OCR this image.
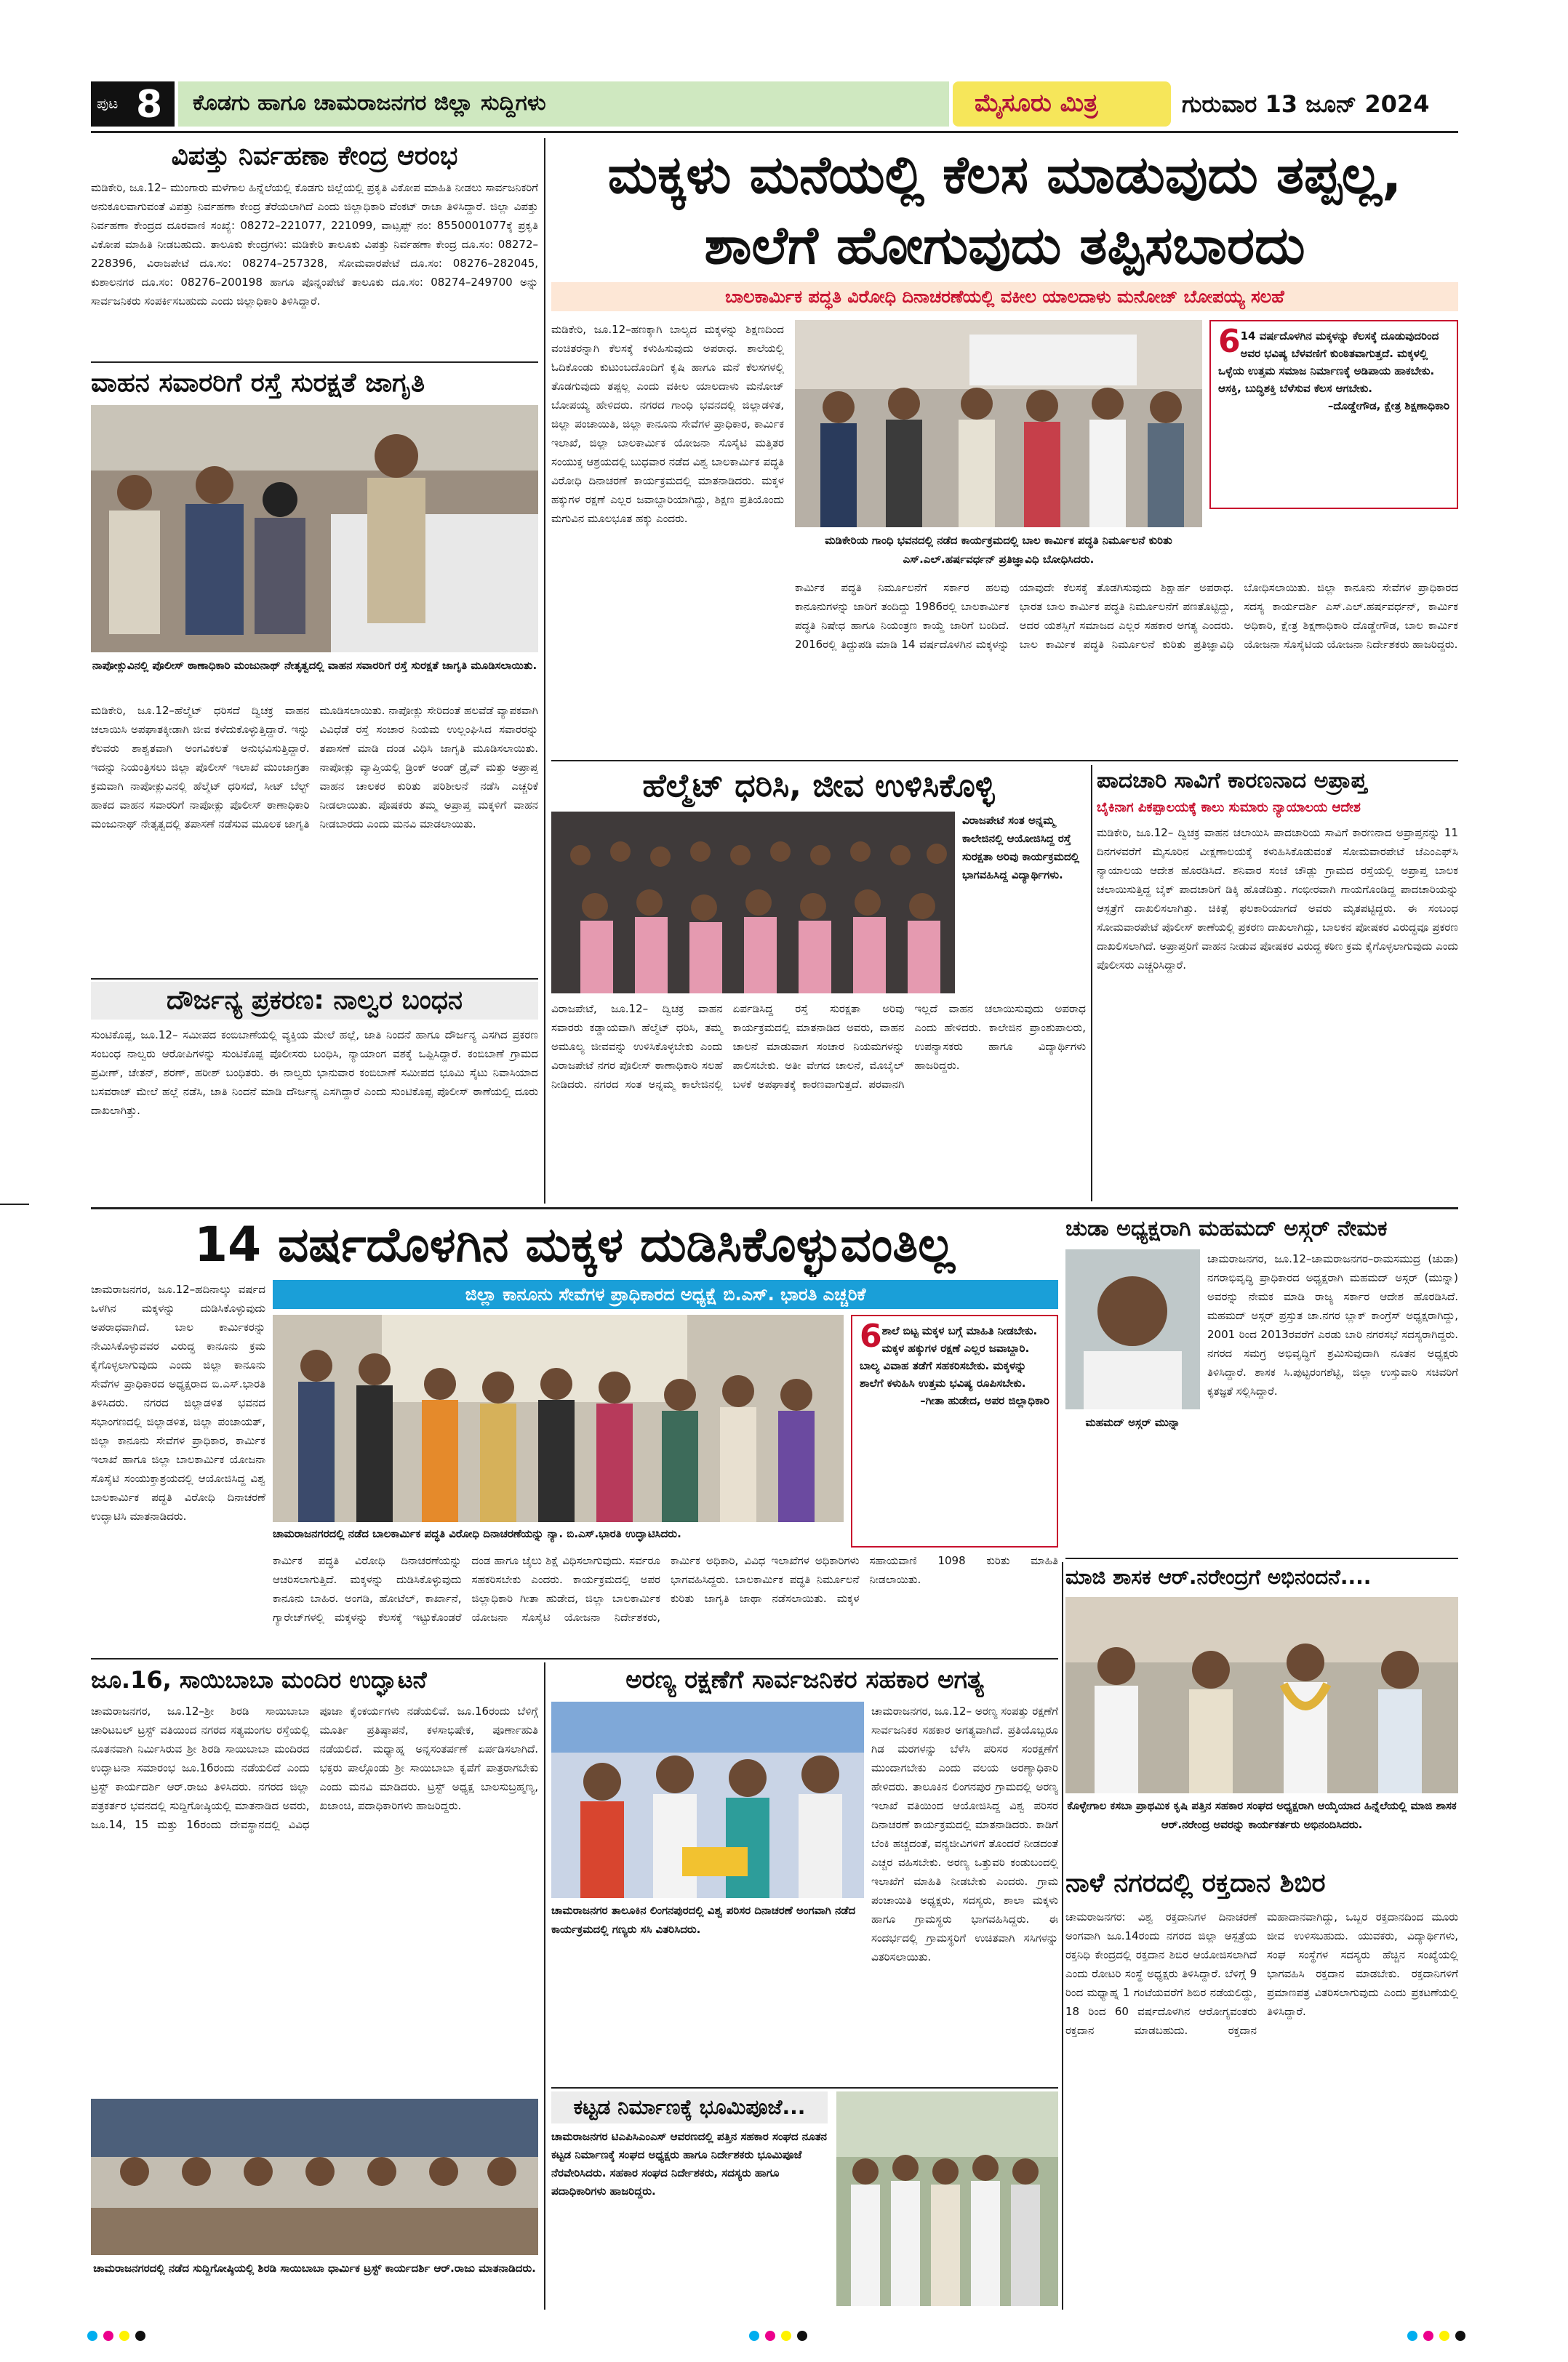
ಪುಟ 8 ಕೊಡಗು ಹಾಗೂ ಚಾಮರಾಜನಗರ ಜಿಲ್ಲಾ ಸುದ್ದಿಗಳು	ಮೈಸೂರು ಮಿತ್ರ	ಗುರುವಾರ 13 ಜೂನ್ 2024
ವಿಪತ್ತು ನಿರ್ವಹಣಾ ಕೇಂದ್ರ ಆರಂಭ
ಮಡಿಕೇರಿ, ಜೂ.12– ಮುಂಗಾರು ಮಳೆಗಾಲ ಹಿನ್ನೆಲೆಯಲ್ಲಿ ಕೊಡಗು ಜಿಲ್ಲೆಯಲ್ಲಿ ಪ್ರಕೃತಿ ವಿಕೋಪ ಮಾಹಿತಿ ನೀಡಲು ಸಾರ್ವಜನಿಕರಿಗೆ ಅನುಕೂಲವಾಗುವಂತೆ ವಿಪತ್ತು ನಿರ್ವಹಣಾ ಕೇಂದ್ರ ತೆರೆಯಲಾಗಿದೆ ಎಂದು ಜಿಲ್ಲಾಧಿಕಾರಿ ವೆಂಕಟ್ ರಾಜಾ ತಿಳಿಸಿದ್ದಾರೆ. ಜಿಲ್ಲಾ ವಿಪತ್ತು ನಿರ್ವಹಣಾ ಕೇಂದ್ರದ ದೂರವಾಣಿ ಸಂಖ್ಯೆ: 08272–221077, 221099, ವಾಟ್ಸಪ್ಪ್ ನಂ: 8550001077ಕ್ಕೆ ಪ್ರಕೃತಿ ವಿಕೋಪ ಮಾಹಿತಿ ನೀಡಬಹುದು. ತಾಲೂಕು ಕೇಂದ್ರಗಳು: ಮಡಿಕೇರಿ ತಾಲೂಕು ವಿಪತ್ತು ನಿರ್ವಹಣಾ ಕೇಂದ್ರ ದೂ.ಸಂ: 08272–228396, ವಿರಾಜಪೇಟೆ ದೂ.ಸಂ: 08274–257328, ಸೋಮವಾರಪೇಟೆ ದೂ.ಸಂ: 08276–282045, ಕುಶಾಲನಗರ ದೂ.ಸಂ: 08276–200198 ಹಾಗೂ ಪೊನ್ನಂಪೇಟೆ ತಾಲೂಕು ದೂ.ಸಂ: 08274–249700 ಅನ್ನು ಸಾರ್ವಜನಿಕರು ಸಂಪರ್ಕಿಸಬಹುದು ಎಂದು ಜಿಲ್ಲಾಧಿಕಾರಿ ತಿಳಿಸಿದ್ದಾರೆ.
ವಾಹನ ಸವಾರರಿಗೆ ರಸ್ತೆ ಸುರಕ್ಷತೆ ಜಾಗೃತಿ
ನಾಪೋಕ್ಲುವಿನಲ್ಲಿ ಪೊಲೀಸ್ ಠಾಣಾಧಿಕಾರಿ ಮಂಜುನಾಥ್ ನೇತೃತ್ವದಲ್ಲಿ ವಾಹನ ಸವಾರರಿಗೆ ರಸ್ತೆ ಸುರಕ್ಷತೆ ಜಾಗೃತಿ ಮೂಡಿಸಲಾಯಿತು.
ಮಡಿಕೇರಿ, ಜೂ.12–ಹೆಲ್ಮೆಟ್ ಧರಿಸದೆ ದ್ವಿಚಕ್ರ ವಾಹನ ಚಲಾಯಿಸಿ ಅಪಘಾತಕ್ಕೀಡಾಗಿ ಜೀವ ಕಳೆದುಕೊಳ್ಳುತ್ತಿದ್ದಾರೆ. ಇನ್ನು ಕೆಲವರು ಶಾಶ್ವತವಾಗಿ ಅಂಗವಿಕಲತೆ ಅನುಭವಿಸುತ್ತಿದ್ದಾರೆ. ಇದನ್ನು ನಿಯಂತ್ರಿಸಲು ಜಿಲ್ಲಾ ಪೊಲೀಸ್ ಇಲಾಖೆ ಮುಂಜಾಗ್ರತಾ ಕ್ರಮವಾಗಿ ನಾಪೋಕ್ಲುವಿನಲ್ಲಿ ಹೆಲ್ಮೆಟ್ ಧರಿಸದೆ, ಸೀಟ್ ಬೆಲ್ಟ್ ಹಾಕದ ವಾಹನ ಸವಾರರಿಗೆ ನಾಪೋಕ್ಲು ಪೊಲೀಸ್ ಠಾಣಾಧಿಕಾರಿ ಮಂಜುನಾಥ್ ನೇತೃತ್ವದಲ್ಲಿ ತಪಾಸಣೆ ನಡೆಸುವ ಮೂಲಕ ಜಾಗೃತಿ ಮೂಡಿಸಲಾಯಿತು. ನಾಪೋಕ್ಲು ಸೇರಿದಂತೆ ಹಲವೆಡೆ ವ್ಯಾಪಕವಾಗಿ ವಿವಿಧೆಡೆ ರಸ್ತೆ ಸಂಚಾರ ನಿಯಮ ಉಲ್ಲಂಘಿಸಿದ ಸವಾರರನ್ನು ತಪಾಸಣೆ ಮಾಡಿ ದಂಡ ವಿಧಿಸಿ ಜಾಗೃತಿ ಮೂಡಿಸಲಾಯಿತು. ನಾಪೋಕ್ಲು ವ್ಯಾಪ್ತಿಯಲ್ಲಿ ಡ್ರಿಂಕ್ ಅಂಡ್ ಡ್ರೈವ್ ಮತ್ತು ಅಪ್ರಾಪ್ತ ವಾಹನ ಚಾಲಕರ ಕುರಿತು ಪರಿಶೀಲನೆ ನಡೆಸಿ ಎಚ್ಚರಿಕೆ ನೀಡಲಾಯಿತು. ಪೊಷಕರು ತಮ್ಮ ಅಪ್ರಾಪ್ತ ಮಕ್ಕಳಿಗೆ ವಾಹನ ನೀಡಬಾರದು ಎಂದು ಮನವಿ ಮಾಡಲಾಯಿತು.
ದೌರ್ಜನ್ಯ ಪ್ರಕರಣ: ನಾಲ್ವರ ಬಂಧನ
ಸುಂಟಿಕೊಪ್ಪ, ಜೂ.12– ಸಮೀಪದ ಕಂಬಿಬಾಣೆಯಲ್ಲಿ ವ್ಯಕ್ತಿಯ ಮೇಲೆ ಹಲ್ಲೆ, ಜಾತಿ ನಿಂದನೆ ಹಾಗೂ ದೌರ್ಜನ್ಯ ಎಸಗಿದ ಪ್ರಕರಣ ಸಂಬಂಧ ನಾಲ್ವರು ಆರೋಪಿಗಳನ್ನು ಸುಂಟಿಕೊಪ್ಪ ಪೊಲೀಸರು ಬಂಧಿಸಿ, ನ್ಯಾಯಾಂಗ ವಶಕ್ಕೆ ಒಪ್ಪಿಸಿದ್ದಾರೆ. ಕಂಬಿಬಾಣೆ ಗ್ರಾಮದ ಪ್ರವೀಣ್, ಚೇತನ್, ಶರಣ್, ಹರೀಶ್ ಬಂಧಿತರು. ಈ ನಾಲ್ವರು ಭಾನುವಾರ ಕಂಬಿಬಾಣೆ ಸಮೀಪದ ಭೂಮಿ ಸೈಟು ನಿವಾಸಿಯಾದ ಬಸವರಾಜ್ ಮೇಲೆ ಹಲ್ಲೆ ನಡೆಸಿ, ಜಾತಿ ನಿಂದನೆ ಮಾಡಿ ದೌರ್ಜನ್ಯ ಎಸಗಿದ್ದಾರೆ ಎಂದು ಸುಂಟಿಕೊಪ್ಪ ಪೊಲೀಸ್ ಠಾಣೆಯಲ್ಲಿ ದೂರು ದಾಖಲಾಗಿತ್ತು.
ಮಕ್ಕಳು ಮನೆಯಲ್ಲಿ ಕೆಲಸ ಮಾಡುವುದು ತಪ್ಪಲ್ಲ,
ಶಾಲೆಗೆ ಹೋಗುವುದು ತಪ್ಪಿಸಬಾರದು
ಬಾಲಕಾರ್ಮಿಕ ಪದ್ಧತಿ ವಿರೋಧಿ ದಿನಾಚರಣೆಯಲ್ಲಿ ವಕೀಲ ಯಾಲದಾಳು ಮನೋಜ್ ಬೋಪಯ್ಯ ಸಲಹೆ
ಮಡಿಕೇರಿ, ಜೂ.12–ಹಣಕ್ಕಾಗಿ ಬಾಲ್ಯದ ಮಕ್ಕಳನ್ನು ಶಿಕ್ಷಣದಿಂದ ವಂಚಿತರನ್ನಾಗಿ ಕೆಲಸಕ್ಕೆ ಕಳುಹಿಸುವುದು ಅಪರಾಧ. ಶಾಲೆಯಲ್ಲಿ ಓದಿಕೊಂಡು ಕುಟುಂಬದೊಂದಿಗೆ ಕೃಷಿ ಹಾಗೂ ಮನೆ ಕೆಲಸಗಳಲ್ಲಿ ತೊಡಗುವುದು ತಪ್ಪಲ್ಲ ಎಂದು ವಕೀಲ ಯಾಲದಾಳು ಮನೋಜ್ ಬೋಪಯ್ಯ ಹೇಳಿದರು. ನಗರದ ಗಾಂಧಿ ಭವನದಲ್ಲಿ ಜಿಲ್ಲಾಡಳಿತ, ಜಿಲ್ಲಾ ಪಂಚಾಯಿತಿ, ಜಿಲ್ಲಾ ಕಾನೂನು ಸೇವೆಗಳ ಪ್ರಾಧಿಕಾರ, ಕಾರ್ಮಿಕ ಇಲಾಖೆ, ಜಿಲ್ಲಾ ಬಾಲಕಾರ್ಮಿಕ ಯೋಜನಾ ಸೊಸೈಟಿ ಮತ್ತಿತರ ಸಂಯುಕ್ತ ಆಶ್ರಯದಲ್ಲಿ ಬುಧವಾರ ನಡೆದ ವಿಶ್ವ ಬಾಲಕಾರ್ಮಿಕ ಪದ್ಧತಿ ವಿರೋಧಿ ದಿನಾಚರಣೆ ಕಾರ್ಯಕ್ರಮದಲ್ಲಿ ಮಾತನಾಡಿದರು. ಮಕ್ಕಳ ಹಕ್ಕುಗಳ ರಕ್ಷಣೆ ಎಲ್ಲರ ಜವಾಬ್ದಾರಿಯಾಗಿದ್ದು, ಶಿಕ್ಷಣ ಪ್ರತಿಯೊಂದು ಮಗುವಿನ ಮೂಲಭೂತ ಹಕ್ಕು ಎಂದರು.
ಮಡಿಕೇರಿಯ ಗಾಂಧಿ ಭವನದಲ್ಲಿ ನಡೆದ ಕಾರ್ಯಕ್ರಮದಲ್ಲಿ ಬಾಲ ಕಾರ್ಮಿಕ ಪದ್ಧತಿ ನಿರ್ಮೂಲನೆ ಕುರಿತು ಎಸ್.ಎಲ್.ಹರ್ಷವರ್ಧನ್ ಪ್ರತಿಜ್ಞಾವಿಧಿ ಬೋಧಿಸಿದರು.
6 14 ವರ್ಷದೊಳಗಿನ ಮಕ್ಕಳನ್ನು ಕೆಲಸಕ್ಕೆ ದೂಡುವುದರಿಂದ ಅವರ ಭವಿಷ್ಯ ಬೆಳವಣಿಗೆ ಕುಂಠಿತವಾಗುತ್ತದೆ. ಮಕ್ಕಳಲ್ಲಿ ಒಳ್ಳೆಯ ಉತ್ತಮ ಸಮಾಜ ನಿರ್ಮಾಣಕ್ಕೆ ಅಡಿಪಾಯ ಹಾಕಬೇಕು. ಆಸಕ್ತಿ, ಬುದ್ಧಿಶಕ್ತಿ ಬೆಳೆಸುವ ಕೆಲಸ ಆಗಬೇಕು.
–ದೊಡ್ಡೇಗೌಡ, ಕ್ಷೇತ್ರ ಶಿಕ್ಷಣಾಧಿಕಾರಿ
ಕಾರ್ಮಿಕ ಪದ್ಧತಿ ನಿರ್ಮೂಲನೆಗೆ ಸರ್ಕಾರ ಹಲವು ಕಾನೂನುಗಳನ್ನು ಜಾರಿಗೆ ತಂದಿದ್ದು 1986ರಲ್ಲಿ ಬಾಲಕಾರ್ಮಿಕ ಪದ್ಧತಿ ನಿಷೇಧ ಹಾಗೂ ನಿಯಂತ್ರಣ ಕಾಯ್ದೆ ಜಾರಿಗೆ ಬಂದಿದೆ. 2016ರಲ್ಲಿ ತಿದ್ದುಪಡಿ ಮಾಡಿ 14 ವರ್ಷದೊಳಗಿನ ಮಕ್ಕಳನ್ನು ಯಾವುದೇ ಕೆಲಸಕ್ಕೆ ತೊಡಗಿಸುವುದು ಶಿಕ್ಷಾರ್ಹ ಅಪರಾಧ. ಭಾರತ ಬಾಲ ಕಾರ್ಮಿಕ ಪದ್ಧತಿ ನಿರ್ಮೂಲನೆಗೆ ಪಣತೊಟ್ಟಿದ್ದು, ಅದರ ಯಶಸ್ಸಿಗೆ ಸಮಾಜದ ಎಲ್ಲರ ಸಹಕಾರ ಅಗತ್ಯ ಎಂದರು. ಬಾಲ ಕಾರ್ಮಿಕ ಪದ್ಧತಿ ನಿರ್ಮೂಲನೆ ಕುರಿತು ಪ್ರತಿಜ್ಞಾವಿಧಿ ಬೋಧಿಸಲಾಯಿತು. ಜಿಲ್ಲಾ ಕಾನೂನು ಸೇವೆಗಳ ಪ್ರಾಧಿಕಾರದ ಸದಸ್ಯ ಕಾರ್ಯದರ್ಶಿ ಎಸ್.ಎಲ್.ಹರ್ಷವರ್ಧನ್, ಕಾರ್ಮಿಕ ಅಧಿಕಾರಿ, ಕ್ಷೇತ್ರ ಶಿಕ್ಷಣಾಧಿಕಾರಿ ದೊಡ್ಡೇಗೌಡ, ಬಾಲ ಕಾರ್ಮಿಕ ಯೋಜನಾ ಸೊಸೈಟಿಯ ಯೋಜನಾ ನಿರ್ದೇಶಕರು ಹಾಜರಿದ್ದರು.
ಹೆಲ್ಮೆಟ್ ಧರಿಸಿ, ಜೀವ ಉಳಿಸಿಕೊಳ್ಳಿ
ವಿರಾಜಪೇಟೆ ಸಂತ ಅನ್ನಮ್ಮ ಕಾಲೇಜಿನಲ್ಲಿ ಆಯೋಜಿಸಿದ್ದ ರಸ್ತೆ ಸುರಕ್ಷತಾ ಅರಿವು ಕಾರ್ಯಕ್ರಮದಲ್ಲಿ ಭಾಗವಹಿಸಿದ್ದ ವಿದ್ಯಾರ್ಥಿಗಳು.
ವಿರಾಜಪೇಟೆ, ಜೂ.12– ದ್ವಿಚಕ್ರ ವಾಹನ ಸವಾರರು ಕಡ್ಡಾಯವಾಗಿ ಹೆಲ್ಮೆಟ್ ಧರಿಸಿ, ತಮ್ಮ ಅಮೂಲ್ಯ ಜೀವವನ್ನು ಉಳಿಸಿಕೊಳ್ಳಬೇಕು ಎಂದು ವಿರಾಜಪೇಟೆ ನಗರ ಪೊಲೀಸ್ ಠಾಣಾಧಿಕಾರಿ ಸಲಹೆ ನೀಡಿದರು. ನಗರದ ಸಂತ ಅನ್ನಮ್ಮ ಕಾಲೇಜಿನಲ್ಲಿ ಏರ್ಪಡಿಸಿದ್ದ ರಸ್ತೆ ಸುರಕ್ಷತಾ ಅರಿವು ಕಾರ್ಯಕ್ರಮದಲ್ಲಿ ಮಾತನಾಡಿದ ಅವರು, ವಾಹನ ಚಾಲನೆ ಮಾಡುವಾಗ ಸಂಚಾರ ನಿಯಮಗಳನ್ನು ಪಾಲಿಸಬೇಕು. ಅತೀ ವೇಗದ ಚಾಲನೆ, ಮೊಬೈಲ್ ಬಳಕೆ ಅಪಘಾತಕ್ಕೆ ಕಾರಣವಾಗುತ್ತದೆ. ಪರವಾನಗಿ ಇಲ್ಲದೆ ವಾಹನ ಚಲಾಯಿಸುವುದು ಅಪರಾಧ ಎಂದು ಹೇಳಿದರು. ಕಾಲೇಜಿನ ಪ್ರಾಂಶುಪಾಲರು, ಉಪನ್ಯಾಸಕರು ಹಾಗೂ ವಿದ್ಯಾರ್ಥಿಗಳು ಹಾಜರಿದ್ದರು.
ಪಾದಚಾರಿ ಸಾವಿಗೆ ಕಾರಣನಾದ ಅಪ್ರಾಪ್ತ
ಬೈಕಿನಾಗ ಪಿಕಪ್ಪಾಲಯಕ್ಕೆ ಕಾಲು ಸುಮಾರು ನ್ಯಾಯಾಲಯ ಆದೇಶ
ಮಡಿಕೇರಿ, ಜೂ.12– ದ್ವಿಚಕ್ರ ವಾಹನ ಚಲಾಯಿಸಿ ಪಾದಚಾರಿಯ ಸಾವಿಗೆ ಕಾರಣನಾದ ಅಪ್ರಾಪ್ತನನ್ನು 11 ದಿನಗಳವರೆಗೆ ಮೈಸೂರಿನ ವೀಕ್ಷಣಾಲಯಕ್ಕೆ ಕಳುಹಿಸಿಕೊಡುವಂತೆ ಸೋಮವಾರಪೇಟೆ ಜೆಎಂಎಫ್‌ಸಿ ನ್ಯಾಯಾಲಯ ಆದೇಶ ಹೊರಡಿಸಿದೆ. ಶನಿವಾರ ಸಂಜೆ ಚೌಡ್ಲು ಗ್ರಾಮದ ರಸ್ತೆಯಲ್ಲಿ ಅಪ್ರಾಪ್ತ ಬಾಲಕ ಚಲಾಯಿಸುತ್ತಿದ್ದ ಬೈಕ್ ಪಾದಚಾರಿಗೆ ಡಿಕ್ಕಿ ಹೊಡೆದಿತ್ತು. ಗಂಭೀರವಾಗಿ ಗಾಯಗೊಂಡಿದ್ದ ಪಾದಚಾರಿಯನ್ನು ಆಸ್ಪತ್ರೆಗೆ ದಾಖಲಿಸಲಾಗಿತ್ತು. ಚಿಕಿತ್ಸೆ ಫಲಕಾರಿಯಾಗದೆ ಅವರು ಮೃತಪಟ್ಟಿದ್ದರು. ಈ ಸಂಬಂಧ ಸೋಮವಾರಪೇಟೆ ಪೊಲೀಸ್ ಠಾಣೆಯಲ್ಲಿ ಪ್ರಕರಣ ದಾಖಲಾಗಿದ್ದು, ಬಾಲಕನ ಪೋಷಕರ ವಿರುದ್ಧವೂ ಪ್ರಕರಣ ದಾಖಲಿಸಲಾಗಿದೆ. ಅಪ್ರಾಪ್ತರಿಗೆ ವಾಹನ ನೀಡುವ ಪೋಷಕರ ವಿರುದ್ಧ ಕಠಿಣ ಕ್ರಮ ಕೈಗೊಳ್ಳಲಾಗುವುದು ಎಂದು ಪೊಲೀಸರು ಎಚ್ಚರಿಸಿದ್ದಾರೆ.
14 ವರ್ಷದೊಳಗಿನ ಮಕ್ಕಳ ದುಡಿಸಿಕೊಳ್ಳುವಂತಿಲ್ಲ
ಜಿಲ್ಲಾ ಕಾನೂನು ಸೇವೆಗಳ ಪ್ರಾಧಿಕಾರದ ಅಧ್ಯಕ್ಷೆ ಬಿ.ಎಸ್. ಭಾರತಿ ಎಚ್ಚರಿಕೆ
ಚಾಮರಾಜನಗರ, ಜೂ.12–ಹದಿನಾಲ್ಕು ವರ್ಷದ ಒಳಗಿನ ಮಕ್ಕಳನ್ನು ದುಡಿಸಿಕೊಳ್ಳುವುದು ಅಪರಾಧವಾಗಿದೆ. ಬಾಲ ಕಾರ್ಮಿಕರನ್ನು ನೇಮಿಸಿಕೊಳ್ಳುವವರ ವಿರುದ್ಧ ಕಾನೂನು ಕ್ರಮ ಕೈಗೊಳ್ಳಲಾಗುವುದು ಎಂದು ಜಿಲ್ಲಾ ಕಾನೂನು ಸೇವೆಗಳ ಪ್ರಾಧಿಕಾರದ ಅಧ್ಯಕ್ಷರಾದ ಬಿ.ಎಸ್.ಭಾರತಿ ತಿಳಿಸಿದರು. ನಗರದ ಜಿಲ್ಲಾಡಳಿತ ಭವನದ ಸಭಾಂಗಣದಲ್ಲಿ ಜಿಲ್ಲಾಡಳಿತ, ಜಿಲ್ಲಾ ಪಂಚಾಯತ್, ಜಿಲ್ಲಾ ಕಾನೂನು ಸೇವೆಗಳ ಪ್ರಾಧಿಕಾರ, ಕಾರ್ಮಿಕ ಇಲಾಖೆ ಹಾಗೂ ಜಿಲ್ಲಾ ಬಾಲಕಾರ್ಮಿಕ ಯೋಜನಾ ಸೊಸೈಟಿ ಸಂಯುಕ್ತಾಶ್ರಯದಲ್ಲಿ ಆಯೋಜಿಸಿದ್ದ ವಿಶ್ವ ಬಾಲಕಾರ್ಮಿಕ ಪದ್ಧತಿ ವಿರೋಧಿ ದಿನಾಚರಣೆ ಉದ್ಘಾಟಿಸಿ ಮಾತನಾಡಿದರು.
ಚಾಮರಾಜನಗರದಲ್ಲಿ ನಡೆದ ಬಾಲಕಾರ್ಮಿಕ ಪದ್ಧತಿ ವಿರೋಧಿ ದಿನಾಚರಣೆಯನ್ನು ನ್ಯಾ. ಬಿ.ಎಸ್.ಭಾರತಿ ಉದ್ಘಾಟಿಸಿದರು.
6 ಶಾಲೆ ಬಿಟ್ಟ ಮಕ್ಕಳ ಬಗ್ಗೆ ಮಾಹಿತಿ ನೀಡಬೇಕು. ಮಕ್ಕಳ ಹಕ್ಕುಗಳ ರಕ್ಷಣೆ ಎಲ್ಲರ ಜವಾಬ್ದಾರಿ. ಬಾಲ್ಯ ವಿವಾಹ ತಡೆಗೆ ಸಹಕರಿಸಬೇಕು. ಮಕ್ಕಳನ್ನು ಶಾಲೆಗೆ ಕಳುಹಿಸಿ ಉತ್ತಮ ಭವಿಷ್ಯ ರೂಪಿಸಬೇಕು.
–ಗೀತಾ ಹುಡೇದ, ಅಪರ ಜಿಲ್ಲಾಧಿಕಾರಿ
ಕಾರ್ಮಿಕ ಪದ್ಧತಿ ವಿರೋಧಿ ದಿನಾಚರಣೆಯನ್ನು ಆಚರಿಸಲಾಗುತ್ತಿದೆ. ಮಕ್ಕಳನ್ನು ದುಡಿಸಿಕೊಳ್ಳುವುದು ಕಾನೂನು ಬಾಹಿರ. ಅಂಗಡಿ, ಹೋಟೆಲ್, ಕಾರ್ಖಾನೆ, ಗ್ಯಾರೇಜ್‌ಗಳಲ್ಲಿ ಮಕ್ಕಳನ್ನು ಕೆಲಸಕ್ಕೆ ಇಟ್ಟುಕೊಂಡರೆ ದಂಡ ಹಾಗೂ ಜೈಲು ಶಿಕ್ಷೆ ವಿಧಿಸಲಾಗುವುದು. ಸರ್ವರೂ ಸಹಕರಿಸಬೇಕು ಎಂದರು. ಕಾರ್ಯಕ್ರಮದಲ್ಲಿ ಅಪರ ಜಿಲ್ಲಾಧಿಕಾರಿ ಗೀತಾ ಹುಡೇದ, ಜಿಲ್ಲಾ ಬಾಲಕಾರ್ಮಿಕ ಯೋಜನಾ ಸೊಸೈಟಿ ಯೋಜನಾ ನಿರ್ದೇಶಕರು, ಕಾರ್ಮಿಕ ಅಧಿಕಾರಿ, ವಿವಿಧ ಇಲಾಖೆಗಳ ಅಧಿಕಾರಿಗಳು ಭಾಗವಹಿಸಿದ್ದರು. ಬಾಲಕಾರ್ಮಿಕ ಪದ್ಧತಿ ನಿರ್ಮೂಲನೆ ಕುರಿತು ಜಾಗೃತಿ ಜಾಥಾ ನಡೆಸಲಾಯಿತು. ಮಕ್ಕಳ ಸಹಾಯವಾಣಿ 1098 ಕುರಿತು ಮಾಹಿತಿ ನೀಡಲಾಯಿತು.
ಚುಡಾ ಅಧ್ಯಕ್ಷರಾಗಿ ಮಹಮದ್ ಅಸ್ಗರ್ ನೇಮಕ
ಮಹಮದ್ ಅಸ್ಗರ್ ಮುನ್ನಾ
ಚಾಮರಾಜನಗರ, ಜೂ.12–ಚಾಮರಾಜನಗರ–ರಾಮಸಮುದ್ರ (ಚುಡಾ) ನಗರಾಭಿವೃದ್ಧಿ ಪ್ರಾಧಿಕಾರದ ಅಧ್ಯಕ್ಷರಾಗಿ ಮಹಮದ್ ಅಸ್ಗರ್ (ಮುನ್ನಾ) ಅವರನ್ನು ನೇಮಕ ಮಾಡಿ ರಾಜ್ಯ ಸರ್ಕಾರ ಆದೇಶ ಹೊರಡಿಸಿದೆ. ಮಹಮದ್ ಅಸ್ಗರ್ ಪ್ರಸ್ತುತ ಚಾ.ನಗರ ಬ್ಲಾಕ್ ಕಾಂಗ್ರೆಸ್ ಅಧ್ಯಕ್ಷರಾಗಿದ್ದು, 2001 ರಿಂದ 2013ರವರೆಗೆ ಎರಡು ಬಾರಿ ನಗರಸಭೆ ಸದಸ್ಯರಾಗಿದ್ದರು. ನಗರದ ಸಮಗ್ರ ಅಭಿವೃದ್ಧಿಗೆ ಶ್ರಮಿಸುವುದಾಗಿ ನೂತನ ಅಧ್ಯಕ್ಷರು ತಿಳಿಸಿದ್ದಾರೆ. ಶಾಸಕ ಸಿ.ಪುಟ್ಟರಂಗಶೆಟ್ಟಿ, ಜಿಲ್ಲಾ ಉಸ್ತುವಾರಿ ಸಚಿವರಿಗೆ ಕೃತಜ್ಞತೆ ಸಲ್ಲಿಸಿದ್ದಾರೆ.
ಮಾಜಿ ಶಾಸಕ ಆರ್.ನರೇಂದ್ರಗೆ ಅಭಿನಂದನೆ....
ಕೊಳ್ಳೇಗಾಲ ಕಸಬಾ ಪ್ರಾಥಮಿಕ ಕೃಷಿ ಪತ್ತಿನ ಸಹಕಾರ ಸಂಘದ ಅಧ್ಯಕ್ಷರಾಗಿ ಆಯ್ಕೆಯಾದ ಹಿನ್ನೆಲೆಯಲ್ಲಿ ಮಾಜಿ ಶಾಸಕ ಆರ್.ನರೇಂದ್ರ ಅವರನ್ನು ಕಾರ್ಯಕರ್ತರು ಅಭಿನಂದಿಸಿದರು.
ಜೂ.16, ಸಾಯಿಬಾಬಾ ಮಂದಿರ ಉದ್ಘಾಟನೆ
ಚಾಮರಾಜನಗರ, ಜೂ.12–ಶ್ರೀ ಶಿರಡಿ ಸಾಯಿಬಾಬಾ ಚಾರಿಟಬಲ್ ಟ್ರಸ್ಟ್ ವತಿಯಿಂದ ನಗರದ ಸತ್ಯಮಂಗಲ ರಸ್ತೆಯಲ್ಲಿ ನೂತನವಾಗಿ ನಿರ್ಮಿಸಿರುವ ಶ್ರೀ ಶಿರಡಿ ಸಾಯಿಬಾಬಾ ಮಂದಿರದ ಉದ್ಘಾಟನಾ ಸಮಾರಂಭ ಜೂ.16ರಂದು ನಡೆಯಲಿದೆ ಎಂದು ಟ್ರಸ್ಟ್ ಕಾರ್ಯದರ್ಶಿ ಆರ್.ರಾಜು ತಿಳಿಸಿದರು. ನಗರದ ಜಿಲ್ಲಾ ಪತ್ರಕರ್ತರ ಭವನದಲ್ಲಿ ಸುದ್ದಿಗೋಷ್ಠಿಯಲ್ಲಿ ಮಾತನಾಡಿದ ಅವರು, ಜೂ.14, 15 ಮತ್ತು 16ರಂದು ದೇವಸ್ಥಾನದಲ್ಲಿ ವಿವಿಧ ಪೂಜಾ ಕೈಂಕರ್ಯಗಳು ನಡೆಯಲಿವೆ. ಜೂ.16ರಂದು ಬೆಳಿಗ್ಗೆ ಮೂರ್ತಿ ಪ್ರತಿಷ್ಠಾಪನೆ, ಕಳಸಾಭಿಷೇಕ, ಪೂರ್ಣಾಹುತಿ ನಡೆಯಲಿದೆ. ಮಧ್ಯಾಹ್ನ ಅನ್ನಸಂತರ್ಪಣೆ ಏರ್ಪಡಿಸಲಾಗಿದೆ. ಭಕ್ತರು ಪಾಲ್ಗೊಂಡು ಶ್ರೀ ಸಾಯಿಬಾಬಾ ಕೃಪೆಗೆ ಪಾತ್ರರಾಗಬೇಕು ಎಂದು ಮನವಿ ಮಾಡಿದರು. ಟ್ರಸ್ಟ್ ಅಧ್ಯಕ್ಷ ಬಾಲಸುಬ್ರಹ್ಮಣ್ಯ, ಖಜಾಂಚಿ, ಪದಾಧಿಕಾರಿಗಳು ಹಾಜರಿದ್ದರು.
ಚಾಮರಾಜನಗರದಲ್ಲಿ ನಡೆದ ಸುದ್ದಿಗೋಷ್ಠಿಯಲ್ಲಿ ಶಿರಡಿ ಸಾಯಿಬಾಬಾ ಧಾರ್ಮಿಕ ಟ್ರಸ್ಟ್ ಕಾರ್ಯದರ್ಶಿ ಆರ್.ರಾಜು ಮಾತನಾಡಿದರು.
ಅರಣ್ಯ ರಕ್ಷಣೆಗೆ ಸಾರ್ವಜನಿಕರ ಸಹಕಾರ ಅಗತ್ಯ
ಚಾಮರಾಜನಗರ, ಜೂ.12– ಅರಣ್ಯ ಸಂಪತ್ತು ರಕ್ಷಣೆಗೆ ಸಾರ್ವಜನಿಕರ ಸಹಕಾರ ಅಗತ್ಯವಾಗಿದೆ. ಪ್ರತಿಯೊಬ್ಬರೂ ಗಿಡ ಮರಗಳನ್ನು ಬೆಳೆಸಿ ಪರಿಸರ ಸಂರಕ್ಷಣೆಗೆ ಮುಂದಾಗಬೇಕು ಎಂದು ವಲಯ ಅರಣ್ಯಾಧಿಕಾರಿ ಹೇಳಿದರು. ತಾಲೂಕಿನ ಲಿಂಗನಪುರ ಗ್ರಾಮದಲ್ಲಿ ಅರಣ್ಯ ಇಲಾಖೆ ವತಿಯಿಂದ ಆಯೋಜಿಸಿದ್ದ ವಿಶ್ವ ಪರಿಸರ ದಿನಾಚರಣೆ ಕಾರ್ಯಕ್ರಮದಲ್ಲಿ ಮಾತನಾಡಿದರು. ಕಾಡಿಗೆ ಬೆಂಕಿ ಹಚ್ಚದಂತೆ, ವನ್ಯಜೀವಿಗಳಿಗೆ ತೊಂದರೆ ನೀಡದಂತೆ ಎಚ್ಚರ ವಹಿಸಬೇಕು. ಅರಣ್ಯ ಒತ್ತುವರಿ ಕಂಡುಬಂದಲ್ಲಿ ಇಲಾಖೆಗೆ ಮಾಹಿತಿ ನೀಡಬೇಕು ಎಂದರು. ಗ್ರಾಮ ಪಂಚಾಯಿತಿ ಅಧ್ಯಕ್ಷರು, ಸದಸ್ಯರು, ಶಾಲಾ ಮಕ್ಕಳು ಹಾಗೂ ಗ್ರಾಮಸ್ಥರು ಭಾಗವಹಿಸಿದ್ದರು. ಈ ಸಂದರ್ಭದಲ್ಲಿ ಗ್ರಾಮಸ್ಥರಿಗೆ ಉಚಿತವಾಗಿ ಸಸಿಗಳನ್ನು ವಿತರಿಸಲಾಯಿತು.
ಚಾಮರಾಜನಗರ ತಾಲೂಕಿನ ಲಿಂಗನಪುರದಲ್ಲಿ ವಿಶ್ವ ಪರಿಸರ ದಿನಾಚರಣೆ ಅಂಗವಾಗಿ ನಡೆದ ಕಾರ್ಯಕ್ರಮದಲ್ಲಿ ಗಣ್ಯರು ಸಸಿ ವಿತರಿಸಿದರು.
ಕಟ್ಟಡ ನಿರ್ಮಾಣಕ್ಕೆ ಭೂಮಿಪೂಜೆ...
ಚಾಮರಾಜನಗರ ಟಿಎಪಿಸಿಎಂಎಸ್ ಆವರಣದಲ್ಲಿ ಪತ್ತಿನ ಸಹಕಾರ ಸಂಘದ ನೂತನ ಕಟ್ಟಡ ನಿರ್ಮಾಣಕ್ಕೆ ಸಂಘದ ಅಧ್ಯಕ್ಷರು ಹಾಗೂ ನಿರ್ದೇಶಕರು ಭೂಮಿಪೂಜೆ ನೆರವೇರಿಸಿದರು. ಸಹಕಾರ ಸಂಘದ ನಿರ್ದೇಶಕರು, ಸದಸ್ಯರು ಹಾಗೂ ಪದಾಧಿಕಾರಿಗಳು ಹಾಜರಿದ್ದರು.
ನಾಳೆ ನಗರದಲ್ಲಿ ರಕ್ತದಾನ ಶಿಬಿರ
ಚಾಮರಾಜನಗರ: ವಿಶ್ವ ರಕ್ತದಾನಿಗಳ ದಿನಾಚರಣೆ ಅಂಗವಾಗಿ ಜೂ.14ರಂದು ನಗರದ ಜಿಲ್ಲಾ ಆಸ್ಪತ್ರೆಯ ರಕ್ತನಿಧಿ ಕೇಂದ್ರದಲ್ಲಿ ರಕ್ತದಾನ ಶಿಬಿರ ಆಯೋಜಿಸಲಾಗಿದೆ ಎಂದು ರೋಟರಿ ಸಂಸ್ಥೆ ಅಧ್ಯಕ್ಷರು ತಿಳಿಸಿದ್ದಾರೆ. ಬೆಳಿಗ್ಗೆ 9 ರಿಂದ ಮಧ್ಯಾಹ್ನ 1 ಗಂಟೆಯವರೆಗೆ ಶಿಬಿರ ನಡೆಯಲಿದ್ದು, 18 ರಿಂದ 60 ವರ್ಷದೊಳಗಿನ ಆರೋಗ್ಯವಂತರು ರಕ್ತದಾನ ಮಾಡಬಹುದು. ರಕ್ತದಾನ ಮಹಾದಾನವಾಗಿದ್ದು, ಒಬ್ಬರ ರಕ್ತದಾನದಿಂದ ಮೂರು ಜೀವ ಉಳಿಸಬಹುದು. ಯುವಕರು, ವಿದ್ಯಾರ್ಥಿಗಳು, ಸಂಘ ಸಂಸ್ಥೆಗಳ ಸದಸ್ಯರು ಹೆಚ್ಚಿನ ಸಂಖ್ಯೆಯಲ್ಲಿ ಭಾಗವಹಿಸಿ ರಕ್ತದಾನ ಮಾಡಬೇಕು. ರಕ್ತದಾನಿಗಳಿಗೆ ಪ್ರಮಾಣಪತ್ರ ವಿತರಿಸಲಾಗುವುದು ಎಂದು ಪ್ರಕಟಣೆಯಲ್ಲಿ ತಿಳಿಸಿದ್ದಾರೆ.
